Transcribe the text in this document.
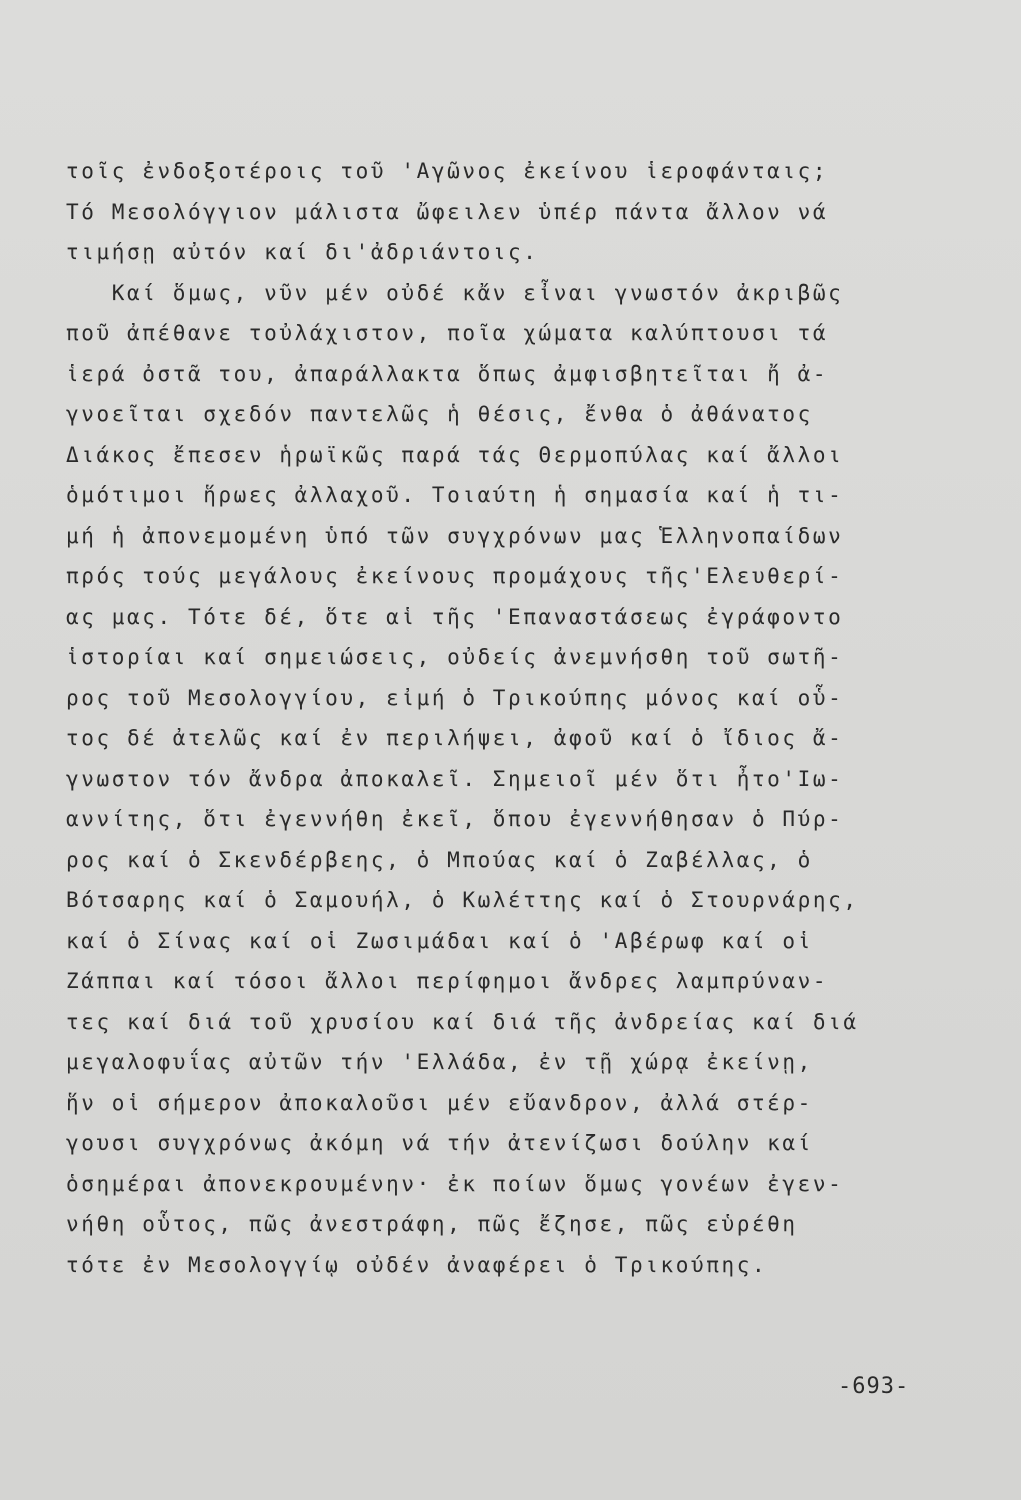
τοῖς ἐνδοξοτέροις τοῦ 'Αγῶνος ἐκείνου ἱεροφάνταις;
Τό Μεσολόγγιον μάλιστα ὤφειλεν ὑπέρ πάντα ἄλλον νά
τιμήσῃ αὐτόν καί δι'ἀδριάντοις.
Καί ὅμως, νῦν μέν οὐδέ κἄν εἶναι γνωστόν ἀκριβῶς
ποῦ ἀπέθανε τοὐλάχιστον, ποῖα χώματα καλύπτουσι τά
ἱερά ὀστᾶ του, ἀπαράλλακτα ὅπως ἀμφισβητεῖται ἤ ἀ-
γνοεῖται σχεδόν παντελῶς ἡ θέσις, ἔνθα ὁ ἀθάνατος
Διάκος ἔπεσεν ἡρωϊκῶς παρά τάς Θερμοπύλας καί ἄλλοι
ὁμότιμοι ἥρωες ἀλλαχοῦ. Τοιαύτη ἡ σημασία καί ἡ τι-
μή ἡ ἀπονεμομένη ὑπό τῶν συγχρόνων μας Ἑλληνοπαίδων
πρός τούς μεγάλους ἐκείνους προμάχους τῆς'Ελευθερί-
ας μας. Τότε δέ, ὅτε αἱ τῆς 'Επαναστάσεως ἐγράφοντο
ἱστορίαι καί σημειώσεις, οὐδείς ἀνεμνήσθη τοῦ σωτῆ-
ρος τοῦ Μεσολογγίου, εἰμή ὁ Τρικούπης μόνος καί οὗ-
τος δέ ἀτελῶς καί ἐν περιλήψει, ἀφοῦ καί ὁ ἴδιος ἄ-
γνωστον τόν ἄνδρα ἀποκαλεῖ. Σημειοῖ μέν ὅτι ἦτο'Ιω-
αννίτης, ὅτι ἐγεννήθη ἐκεῖ, ὅπου ἐγεννήθησαν ὁ Πύρ-
ρος καί ὁ Σκενδέρβεης, ὁ Μπούας καί ὁ Ζαβέλλας, ὁ
Βότσαρης καί ὁ Σαμουήλ, ὁ Κωλέττης καί ὁ Στουρνάρης,
καί ὁ Σίνας καί οἱ Ζωσιμάδαι καί ὁ 'Αβέρωφ καί οἱ
Ζάππαι καί τόσοι ἄλλοι περίφημοι ἄνδρες λαμπρύναν-
τες καί διά τοῦ χρυσίου καί διά τῆς ἀνδρείας καί διά
μεγαλοφυΐας αὐτῶν τήν 'Ελλάδα, ἐν τῇ χώρᾳ ἐκείνῃ,
ἥν οἱ σήμερον ἀποκαλοῦσι μέν εὔανδρον, ἀλλά στέρ-
γουσι συγχρόνως ἀκόμη νά τήν ἀτενίζωσι δούλην καί
ὁσημέραι ἀπονεκρουμένην· ἐκ ποίων ὅμως γονέων ἐγεν-
νήθη οὗτος, πῶς ἀνεστράφη, πῶς ἔζησε, πῶς εὑρέθη
τότε ἐν Μεσολογγίῳ οὐδέν ἀναφέρει ὁ Τρικούπης.
-693-
